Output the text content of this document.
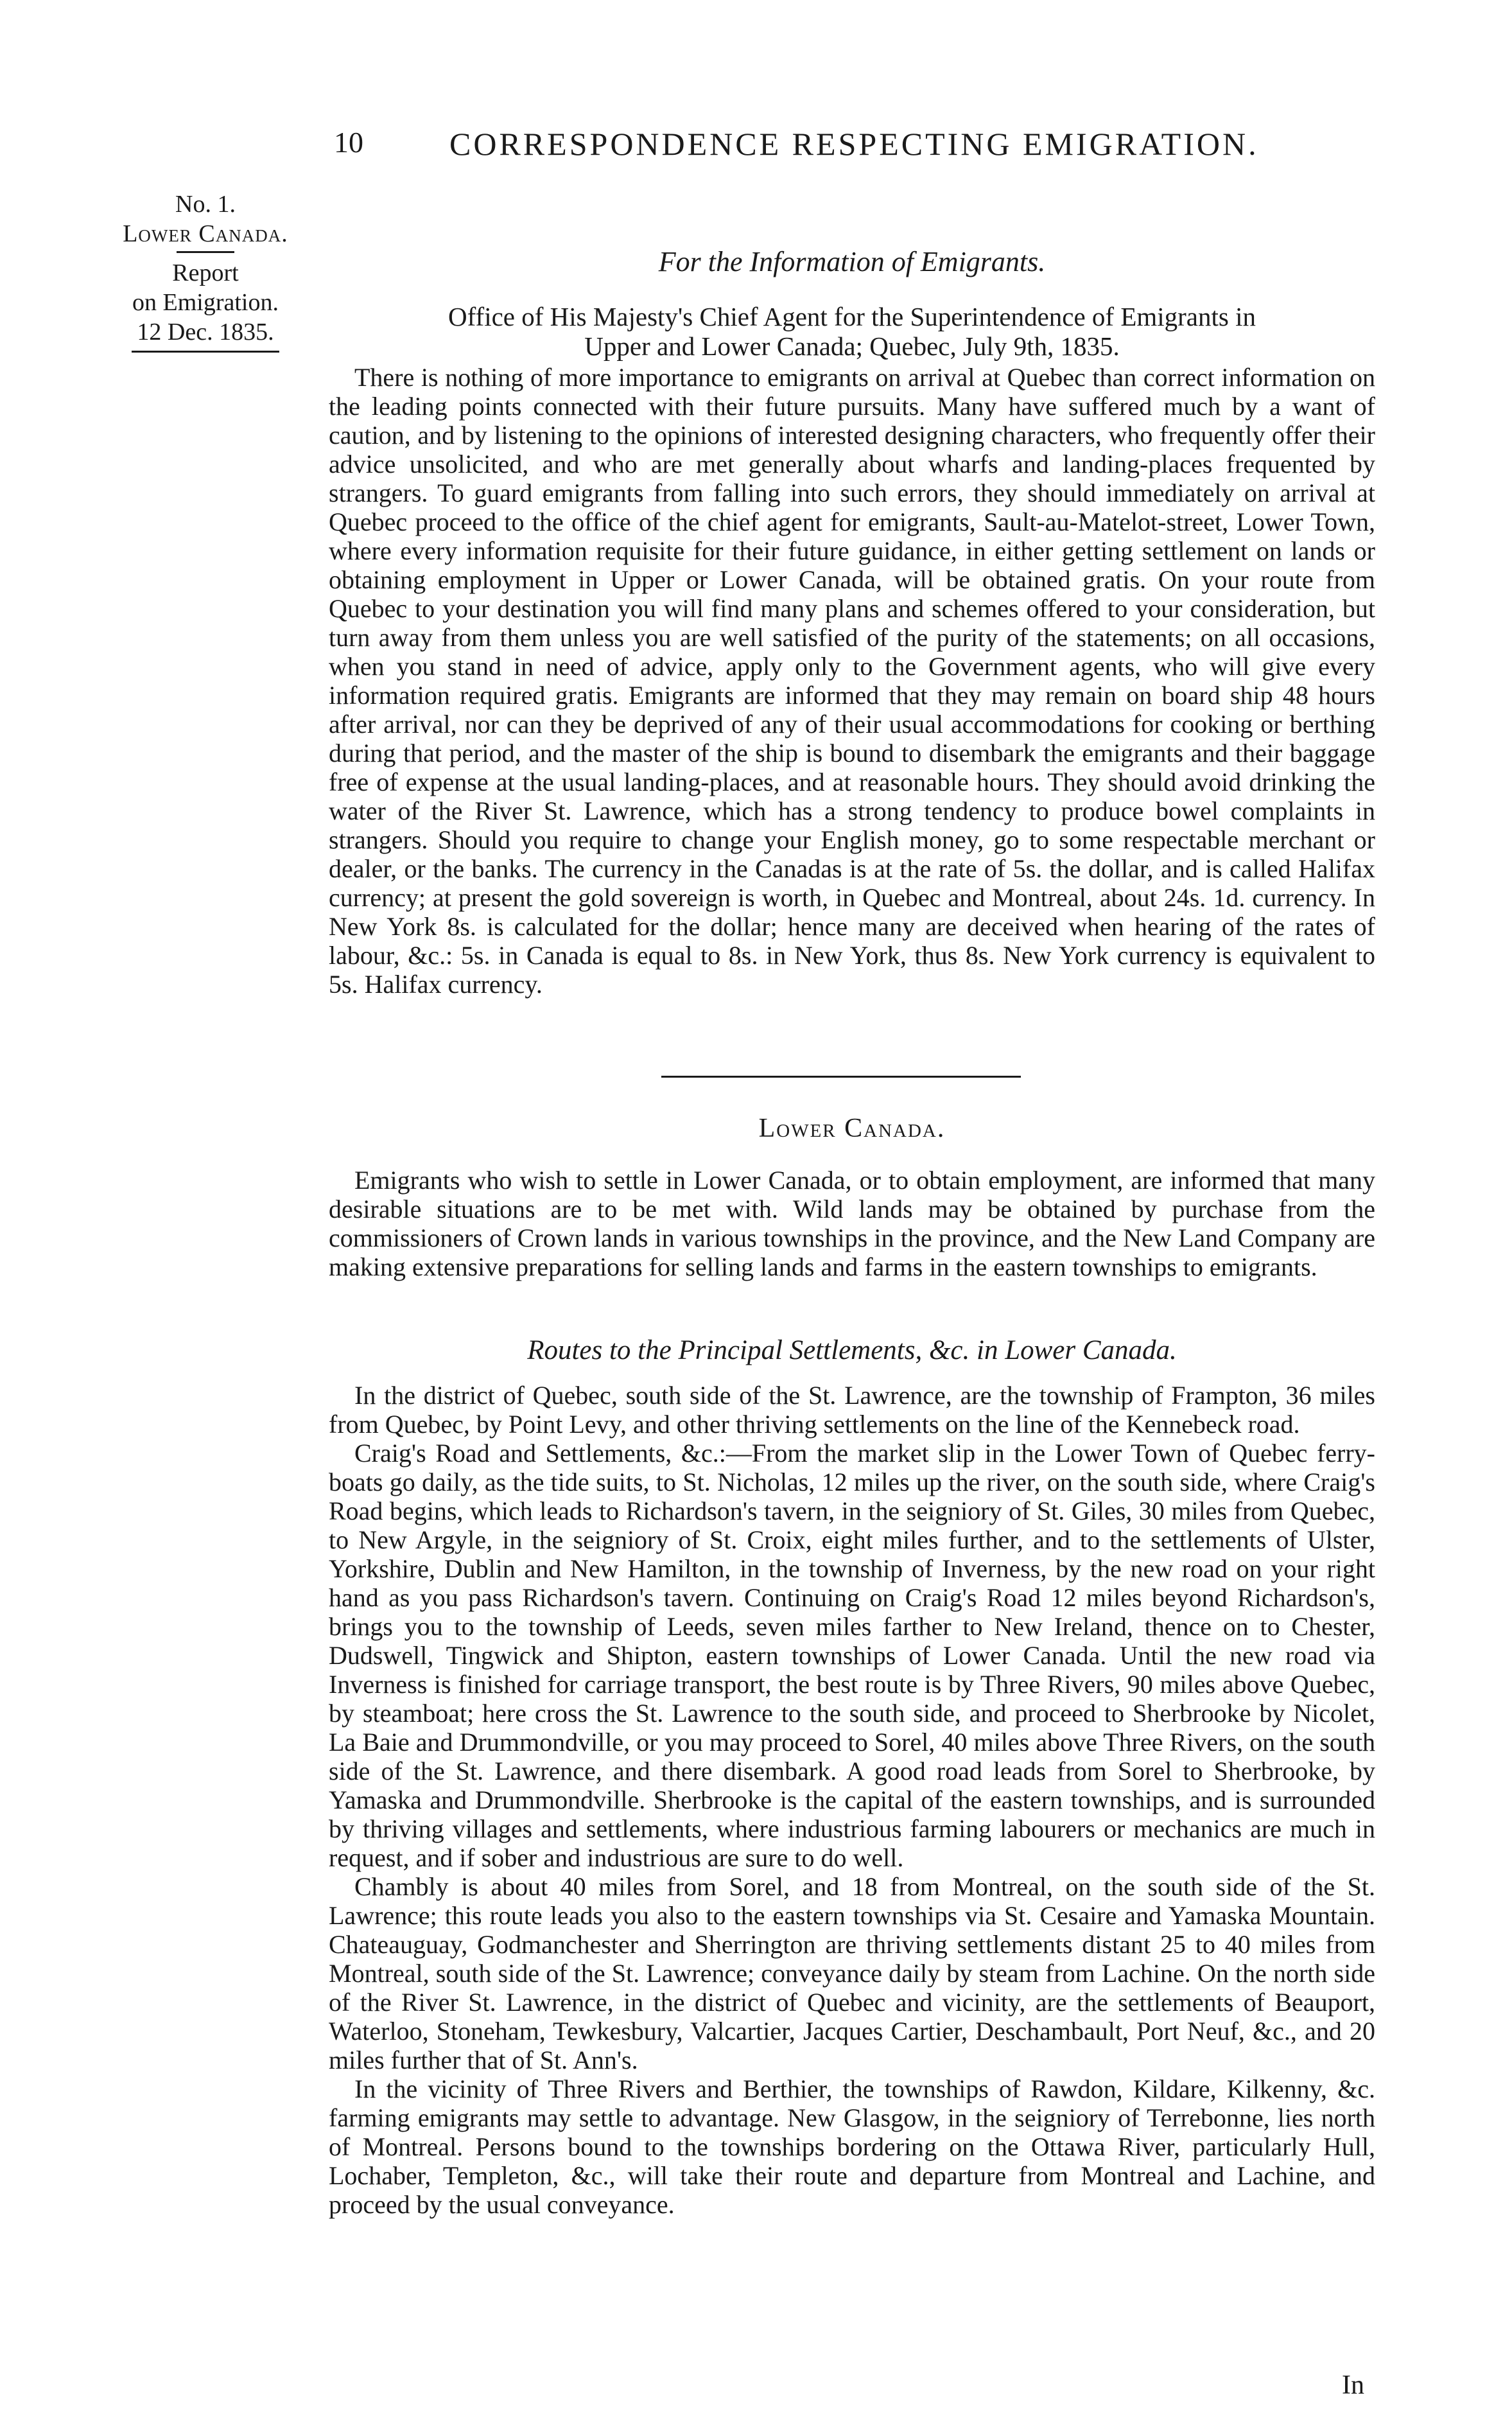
10	CORRESPONDENCE RESPECTING EMIGRATION.
No. 1.
Lower Canada.
Report
on Emigration.
12 Dec. 1835.
For the Information of Emigrants.
Office of His Majesty's Chief Agent for the Superintendence of Emigrants in
Upper and Lower Canada; Quebec, July 9th, 1835.

There is nothing of more importance to emigrants on arrival at Quebec than correct information on the leading points connected with their future pursuits. Many have suffered much by a want of caution, and by listening to the opinions of interested designing characters, who frequently offer their advice unsolicited, and who are met generally about wharfs and landing-places frequented by strangers. To guard emigrants from falling into such errors, they should immediately on arrival at Quebec proceed to the office of the chief agent for emigrants, Sault-au-Matelot-street, Lower Town, where every information requisite for their future guidance, in either getting settlement on lands or obtaining employment in Upper or Lower Canada, will be obtained gratis. On your route from Quebec to your destination you will find many plans and schemes offered to your consideration, but turn away from them unless you are well satisfied of the purity of the statements; on all occasions, when you stand in need of advice, apply only to the Government agents, who will give every information required gratis. Emigrants are informed that they may remain on board ship 48 hours after arrival, nor can they be deprived of any of their usual accommodations for cooking or berthing during that period, and the master of the ship is bound to disembark the emigrants and their baggage free of expense at the usual landing-places, and at reasonable hours. They should avoid drinking the water of the River St. Lawrence, which has a strong tendency to produce bowel complaints in strangers. Should you require to change your English money, go to some respectable merchant or dealer, or the banks. The currency in the Canadas is at the rate of 5s. the dollar, and is called Halifax currency; at present the gold sovereign is worth, in Quebec and Montreal, about 24s. 1d. currency. In New York 8s. is calculated for the dollar; hence many are deceived when hearing of the rates of labour, &c.: 5s. in Canada is equal to 8s. in New York, thus 8s. New York currency is equivalent to 5s. Halifax currency.

Lower Canada.

Emigrants who wish to settle in Lower Canada, or to obtain employment, are informed that many desirable situations are to be met with. Wild lands may be obtained by purchase from the commissioners of Crown lands in various townships in the province, and the New Land Company are making extensive preparations for selling lands and farms in the eastern townships to emigrants.

Routes to the Principal Settlements, &c. in Lower Canada.

In the district of Quebec, south side of the St. Lawrence, are the township of Frampton, 36 miles from Quebec, by Point Levy, and other thriving settlements on the line of the Kennebeck road.

Craig's Road and Settlements, &c.:—From the market slip in the Lower Town of Quebec ferry-boats go daily, as the tide suits, to St. Nicholas, 12 miles up the river, on the south side, where Craig's Road begins, which leads to Richardson's tavern, in the seigniory of St. Giles, 30 miles from Quebec, to New Argyle, in the seigniory of St. Croix, eight miles further, and to the settlements of Ulster, Yorkshire, Dublin and New Hamilton, in the township of Inverness, by the new road on your right hand as you pass Richardson's tavern. Continuing on Craig's Road 12 miles beyond Richardson's, brings you to the township of Leeds, seven miles farther to New Ireland, thence on to Chester, Dudswell, Tingwick and Shipton, eastern townships of Lower Canada. Until the new road via Inverness is finished for carriage transport, the best route is by Three Rivers, 90 miles above Quebec, by steamboat; here cross the St. Lawrence to the south side, and proceed to Sherbrooke by Nicolet, La Baie and Drummondville, or you may proceed to Sorel, 40 miles above Three Rivers, on the south side of the St. Lawrence, and there disembark. A good road leads from Sorel to Sherbrooke, by Yamaska and Drummondville. Sherbrooke is the capital of the eastern townships, and is surrounded by thriving villages and settlements, where industrious farming labourers or mechanics are much in request, and if sober and industrious are sure to do well.

Chambly is about 40 miles from Sorel, and 18 from Montreal, on the south side of the St. Lawrence; this route leads you also to the eastern townships via St. Cesaire and Yamaska Mountain. Chateauguay, Godmanchester and Sherrington are thriving settlements distant 25 to 40 miles from Montreal, south side of the St. Lawrence; conveyance daily by steam from Lachine. On the north side of the River St. Lawrence, in the district of Quebec and vicinity, are the settlements of Beauport, Waterloo, Stoneham, Tewkesbury, Valcartier, Jacques Cartier, Deschambault, Port Neuf, &c., and 20 miles further that of St. Ann's.

In the vicinity of Three Rivers and Berthier, the townships of Rawdon, Kildare, Kilkenny, &c. farming emigrants may settle to advantage. New Glasgow, in the seigniory of Terrebonne, lies north of Montreal. Persons bound to the townships bordering on the Ottawa River, particularly Hull, Lochaber, Templeton, &c., will take their route and departure from Montreal and Lachine, and proceed by the usual conveyance.

In
